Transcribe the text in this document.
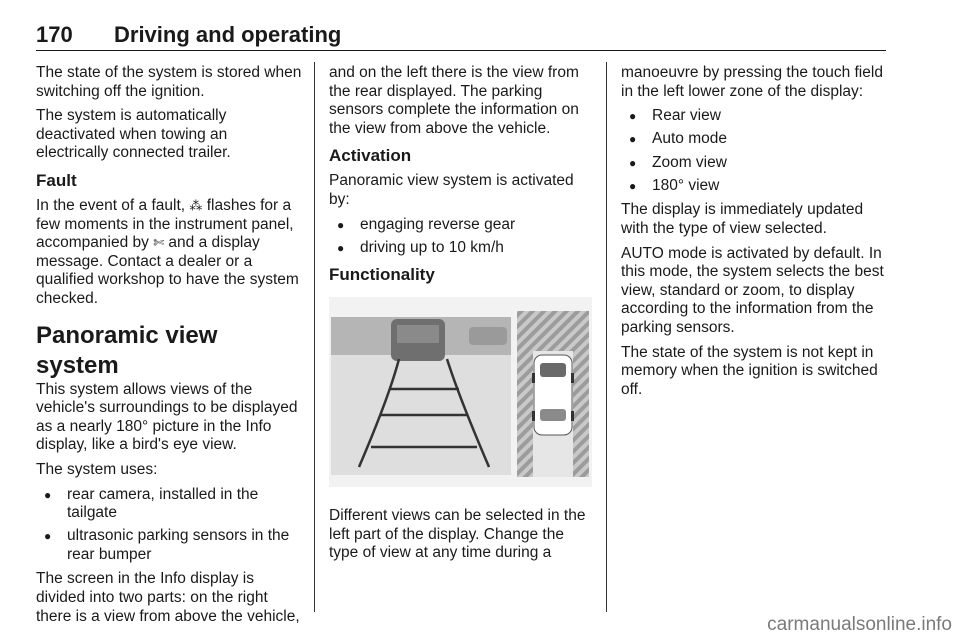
170 Driving and operating

The state of the system is stored when switching off the ignition.

The system is automatically deactivated when towing an electrically connected trailer.

Fault

In the event of a fault, ⁂ flashes for a few moments in the instrument panel, accompanied by ✄ and a display message. Contact a dealer or a qualified workshop to have the system checked.

Panoramic view system

This system allows views of the vehicle's surroundings to be displayed as a nearly 180° picture in the Info display, like a bird's eye view.

The system uses:

● rear camera, installed in the tailgate
● ultrasonic parking sensors in the rear bumper

The screen in the Info display is divided into two parts: on the right there is a view from above the vehicle,

and on the left there is the view from the rear displayed. The parking sensors complete the information on the view from above the vehicle.

Activation

Panoramic view system is activated by:

● engaging reverse gear
● driving up to 10 km/h
Functionality

Different views can be selected in the left part of the display. Change the type of view at any time during a

manoeuvre by pressing the touch field in the left lower zone of the display:

● Rear view
● Auto mode
● Zoom view
● 180° view

The display is immediately updated with the type of view selected.

AUTO mode is activated by default. In this mode, the system selects the best view, standard or zoom, to display according to the information from the parking sensors.

The state of the system is not kept in memory when the ignition is switched off.

carmanualsonline.info
